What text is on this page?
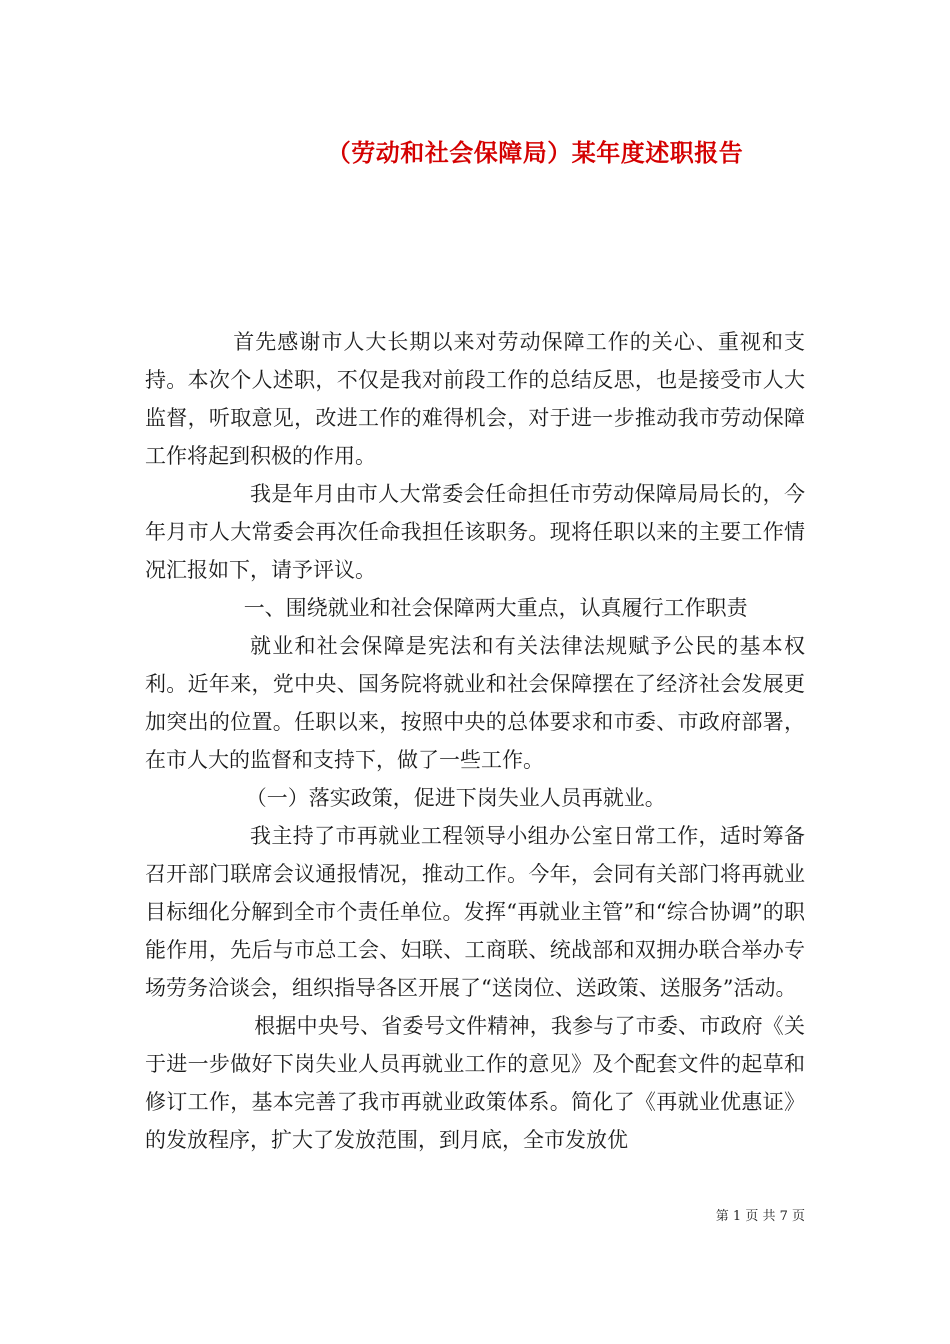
（劳动和社会保障局）某年度述职报告

首先感谢市人大长期以来对劳动保障工作的关心、重视和支持。本次个人述职，不仅是我对前段工作的总结反思，也是接受市人大监督，听取意见，改进工作的难得机会，对于进一步推动我市劳动保障工作将起到积极的作用。

我是年月由市人大常委会任命担任市劳动保障局局长的，今年月市人大常委会再次任命我担任该职务。现将任职以来的主要工作情况汇报如下，请予评议。

一、围绕就业和社会保障两大重点，认真履行工作职责

就业和社会保障是宪法和有关法律法规赋予公民的基本权利。近年来，党中央、国务院将就业和社会保障摆在了经济社会发展更加突出的位置。任职以来，按照中央的总体要求和市委、市政府部署，在市人大的监督和支持下，做了一些工作。

（一）落实政策，促进下岗失业人员再就业。

我主持了市再就业工程领导小组办公室日常工作，适时筹备召开部门联席会议通报情况，推动工作。今年，会同有关部门将再就业目标细化分解到全市个责任单位。发挥“再就业主管”和“综合协调”的职能作用，先后与市总工会、妇联、工商联、统战部和双拥办联合举办专场劳务洽谈会，组织指导各区开展了“送岗位、送政策、送服务”活动。

根据中央号、省委号文件精神，我参与了市委、市政府《关于进一步做好下岗失业人员再就业工作的意见》及个配套文件的起草和修订工作，基本完善了我市再就业政策体系。简化了《再就业优惠证》的发放程序，扩大了发放范围，到月底，全市发放优

第 1 页 共 7 页
